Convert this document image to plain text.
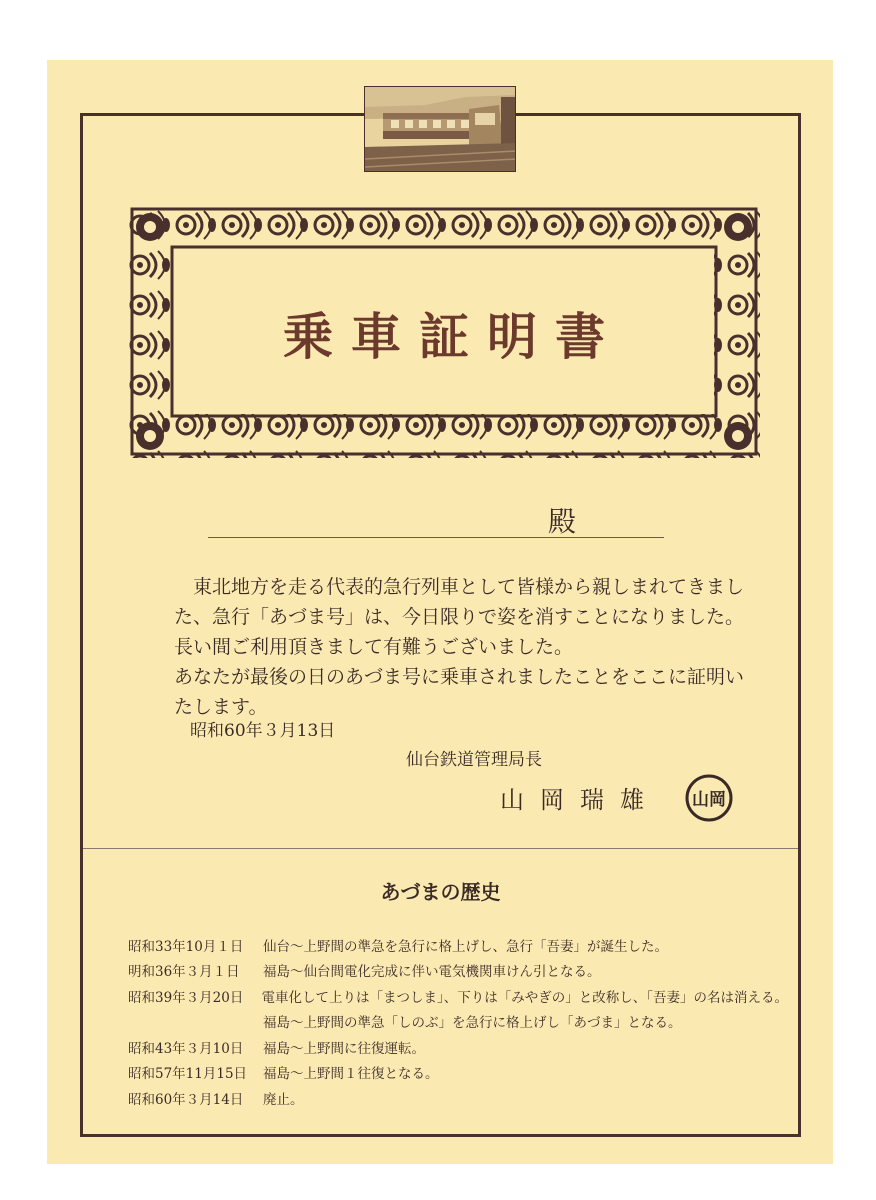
乗車証明書
殿

東北地方を走る代表的急行列車として皆様から親しまれてきました、急行「あづま号」は、今日限りで姿を消すことになりました。

長い間ご利用頂きまして有難うございました。

あなたが最後の日のあづま号に乗車されましたことをここに証明いたします。

昭和60年３月13日
仙台鉄道管理局長
山岡瑞雄 山岡
あづまの歴史
昭和33年10月１日	仙台～上野間の準急を急行に格上げし、急行「吾妻」が誕生した。
明和36年３月１日	福島～仙台間電化完成に伴い電気機関車けん引となる。
昭和39年３月20日	電車化して上りは「まつしま」、下りは「みやぎの」と改称し、「吾妻」の名は消える。
福島～上野間の準急「しのぶ」を急行に格上げし「あづま」となる。
昭和43年３月10日	福島～上野間に往復運転。
昭和57年11月15日	福島～上野間１往復となる。
昭和60年３月14日	廃止。
